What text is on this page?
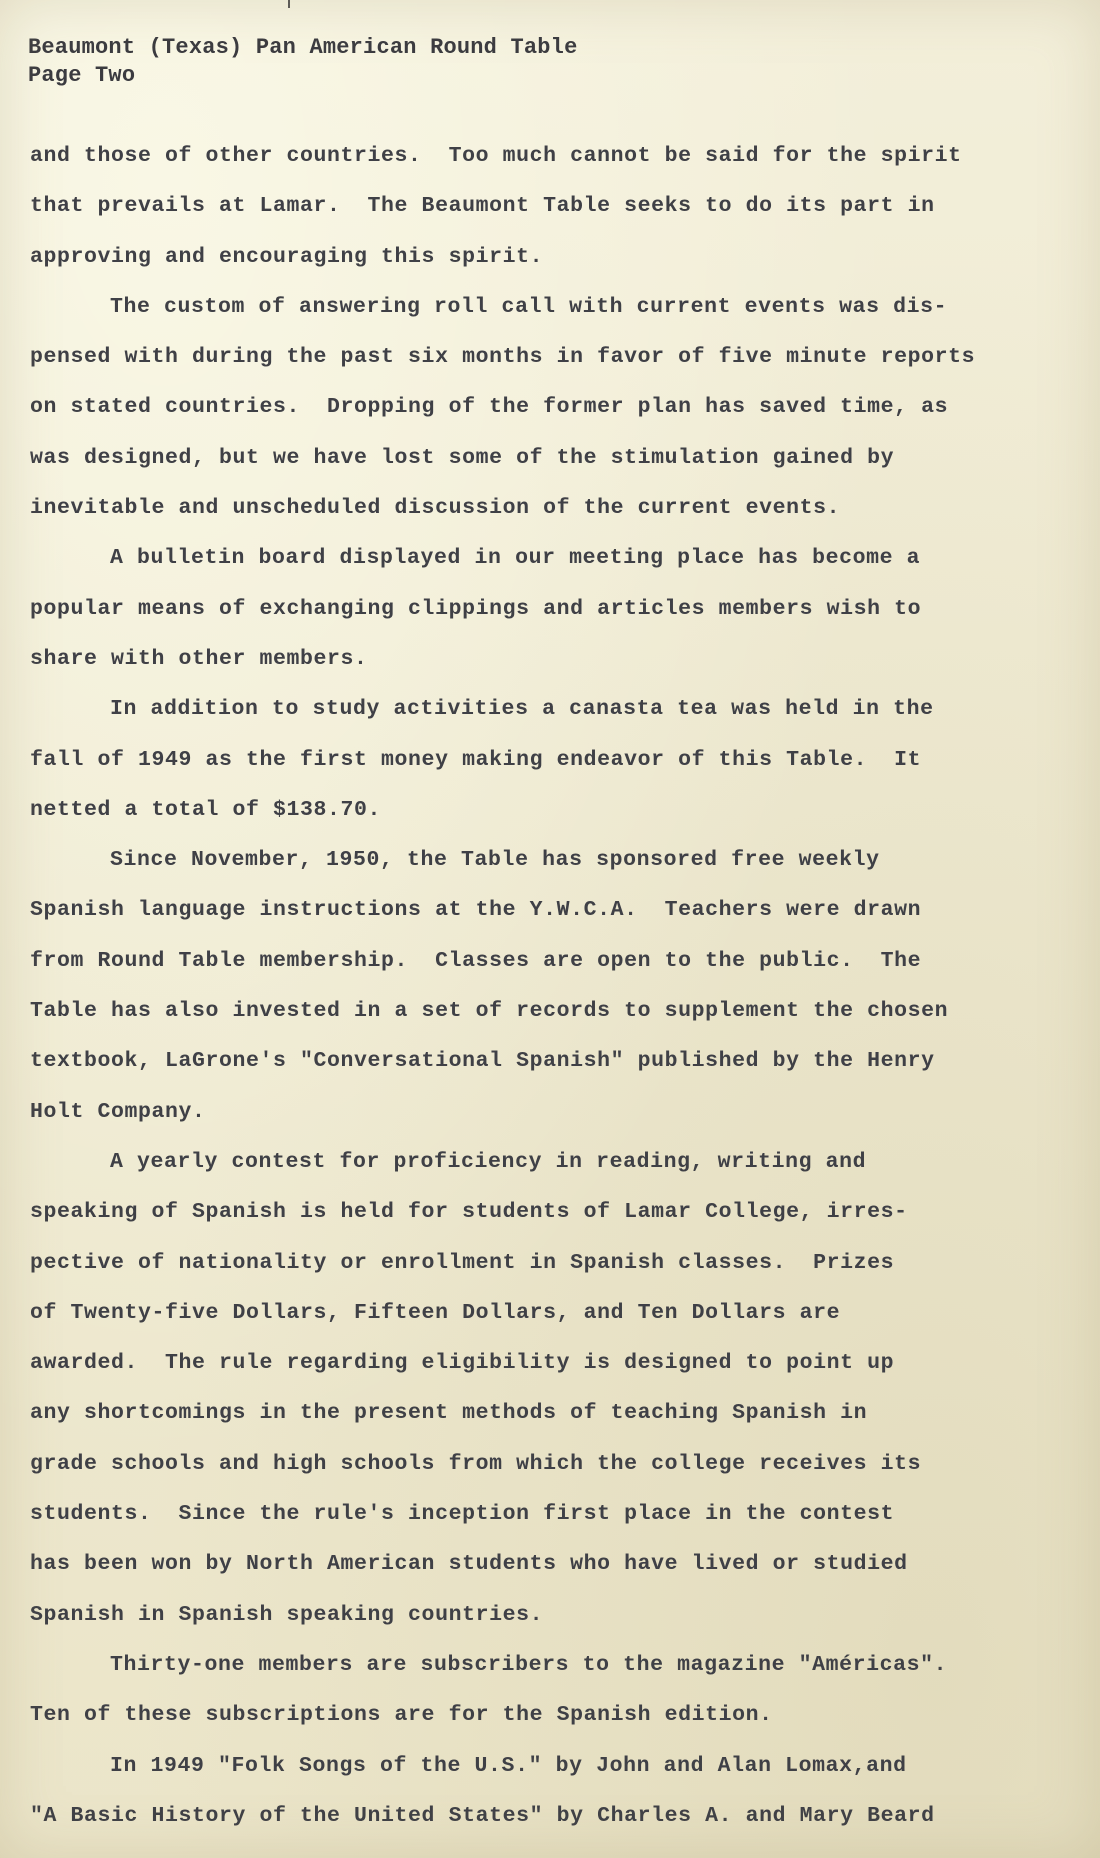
Beaumont (Texas) Pan American Round Table
Page Two
and those of other countries.  Too much cannot be said for the spirit
that prevails at Lamar.  The Beaumont Table seeks to do its part in
approving and encouraging this spirit.
The custom of answering roll call with current events was dis-
pensed with during the past six months in favor of five minute reports
on stated countries.  Dropping of the former plan has saved time, as
was designed, but we have lost some of the stimulation gained by
inevitable and unscheduled discussion of the current events.
A bulletin board displayed in our meeting place has become a
popular means of exchanging clippings and articles members wish to
share with other members.
In addition to study activities a canasta tea was held in the
fall of 1949 as the first money making endeavor of this Table.  It
netted a total of $138.70.
Since November, 1950, the Table has sponsored free weekly
Spanish language instructions at the Y.W.C.A.  Teachers were drawn
from Round Table membership.  Classes are open to the public.  The
Table has also invested in a set of records to supplement the chosen
textbook, LaGrone's "Conversational Spanish" published by the Henry
Holt Company.
A yearly contest for proficiency in reading, writing and
speaking of Spanish is held for students of Lamar College, irres-
pective of nationality or enrollment in Spanish classes.  Prizes
of Twenty-five Dollars, Fifteen Dollars, and Ten Dollars are
awarded.  The rule regarding eligibility is designed to point up
any shortcomings in the present methods of teaching Spanish in
grade schools and high schools from which the college receives its
students.  Since the rule's inception first place in the contest
has been won by North American students who have lived or studied
Spanish in Spanish speaking countries.
Thirty-one members are subscribers to the magazine "Américas".
Ten of these subscriptions are for the Spanish edition.
In 1949 "Folk Songs of the U.S." by John and Alan Lomax,and
"A Basic History of the United States" by Charles A. and Mary Beard
